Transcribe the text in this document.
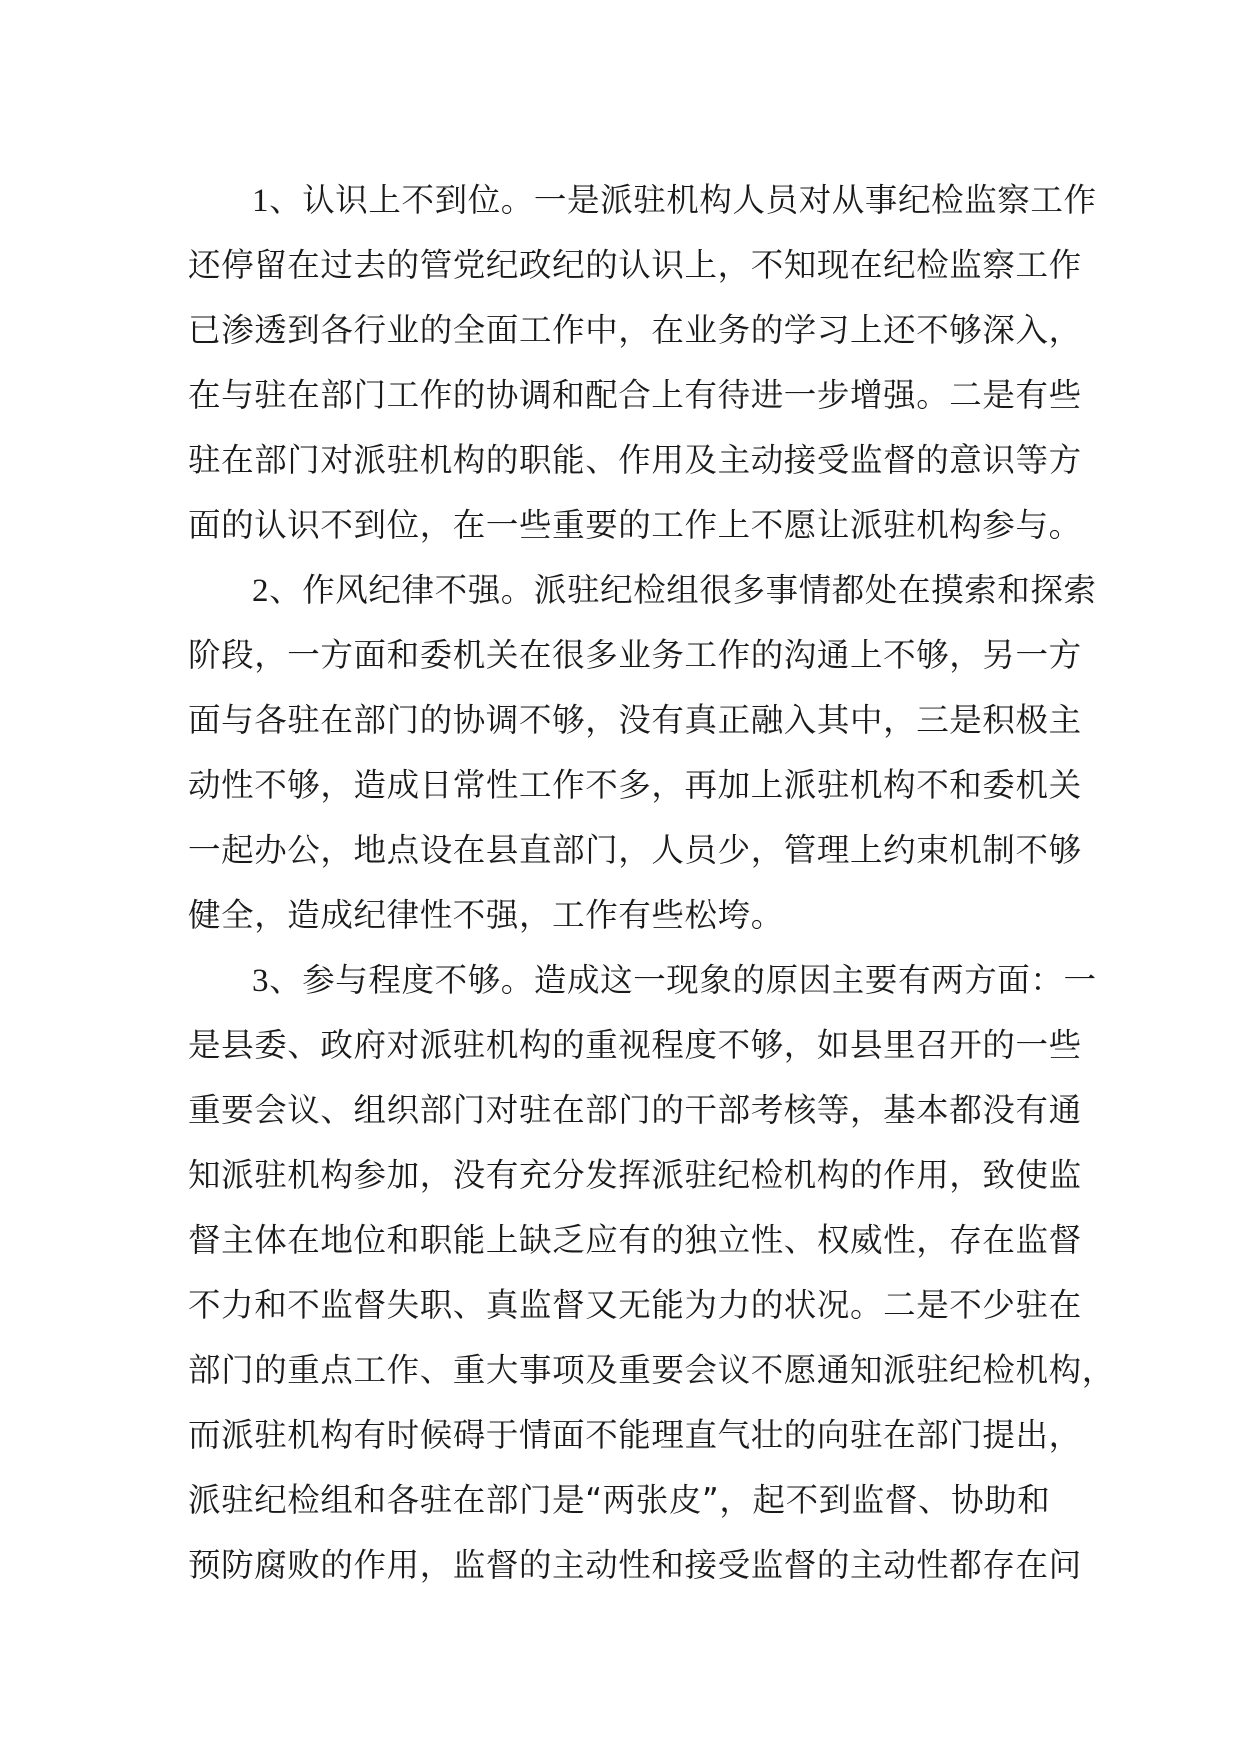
1、认识上不到位。一是派驻机构人员对从事纪检监察工作
还停留在过去的管党纪政纪的认识上，不知现在纪检监察工作
已渗透到各行业的全面工作中，在业务的学习上还不够深入，
在与驻在部门工作的协调和配合上有待进一步增强。二是有些
驻在部门对派驻机构的职能、作用及主动接受监督的意识等方
面的认识不到位，在一些重要的工作上不愿让派驻机构参与。
2、作风纪律不强。派驻纪检组很多事情都处在摸索和探索
阶段，一方面和委机关在很多业务工作的沟通上不够，另一方
面与各驻在部门的协调不够，没有真正融入其中，三是积极主
动性不够，造成日常性工作不多，再加上派驻机构不和委机关
一起办公，地点设在县直部门，人员少，管理上约束机制不够
健全，造成纪律性不强，工作有些松垮。
3、参与程度不够。造成这一现象的原因主要有两方面：一
是县委、政府对派驻机构的重视程度不够，如县里召开的一些
重要会议、组织部门对驻在部门的干部考核等，基本都没有通
知派驻机构参加，没有充分发挥派驻纪检机构的作用，致使监
督主体在地位和职能上缺乏应有的独立性、权威性，存在监督
不力和不监督失职、真监督又无能为力的状况。二是不少驻在
部门的重点工作、重大事项及重要会议不愿通知派驻纪检机构，
而派驻机构有时候碍于情面不能理直气壮的向驻在部门提出，
派驻纪检组和各驻在部门是“两张皮”，起不到监督、协助和
预防腐败的作用，监督的主动性和接受监督的主动性都存在问
